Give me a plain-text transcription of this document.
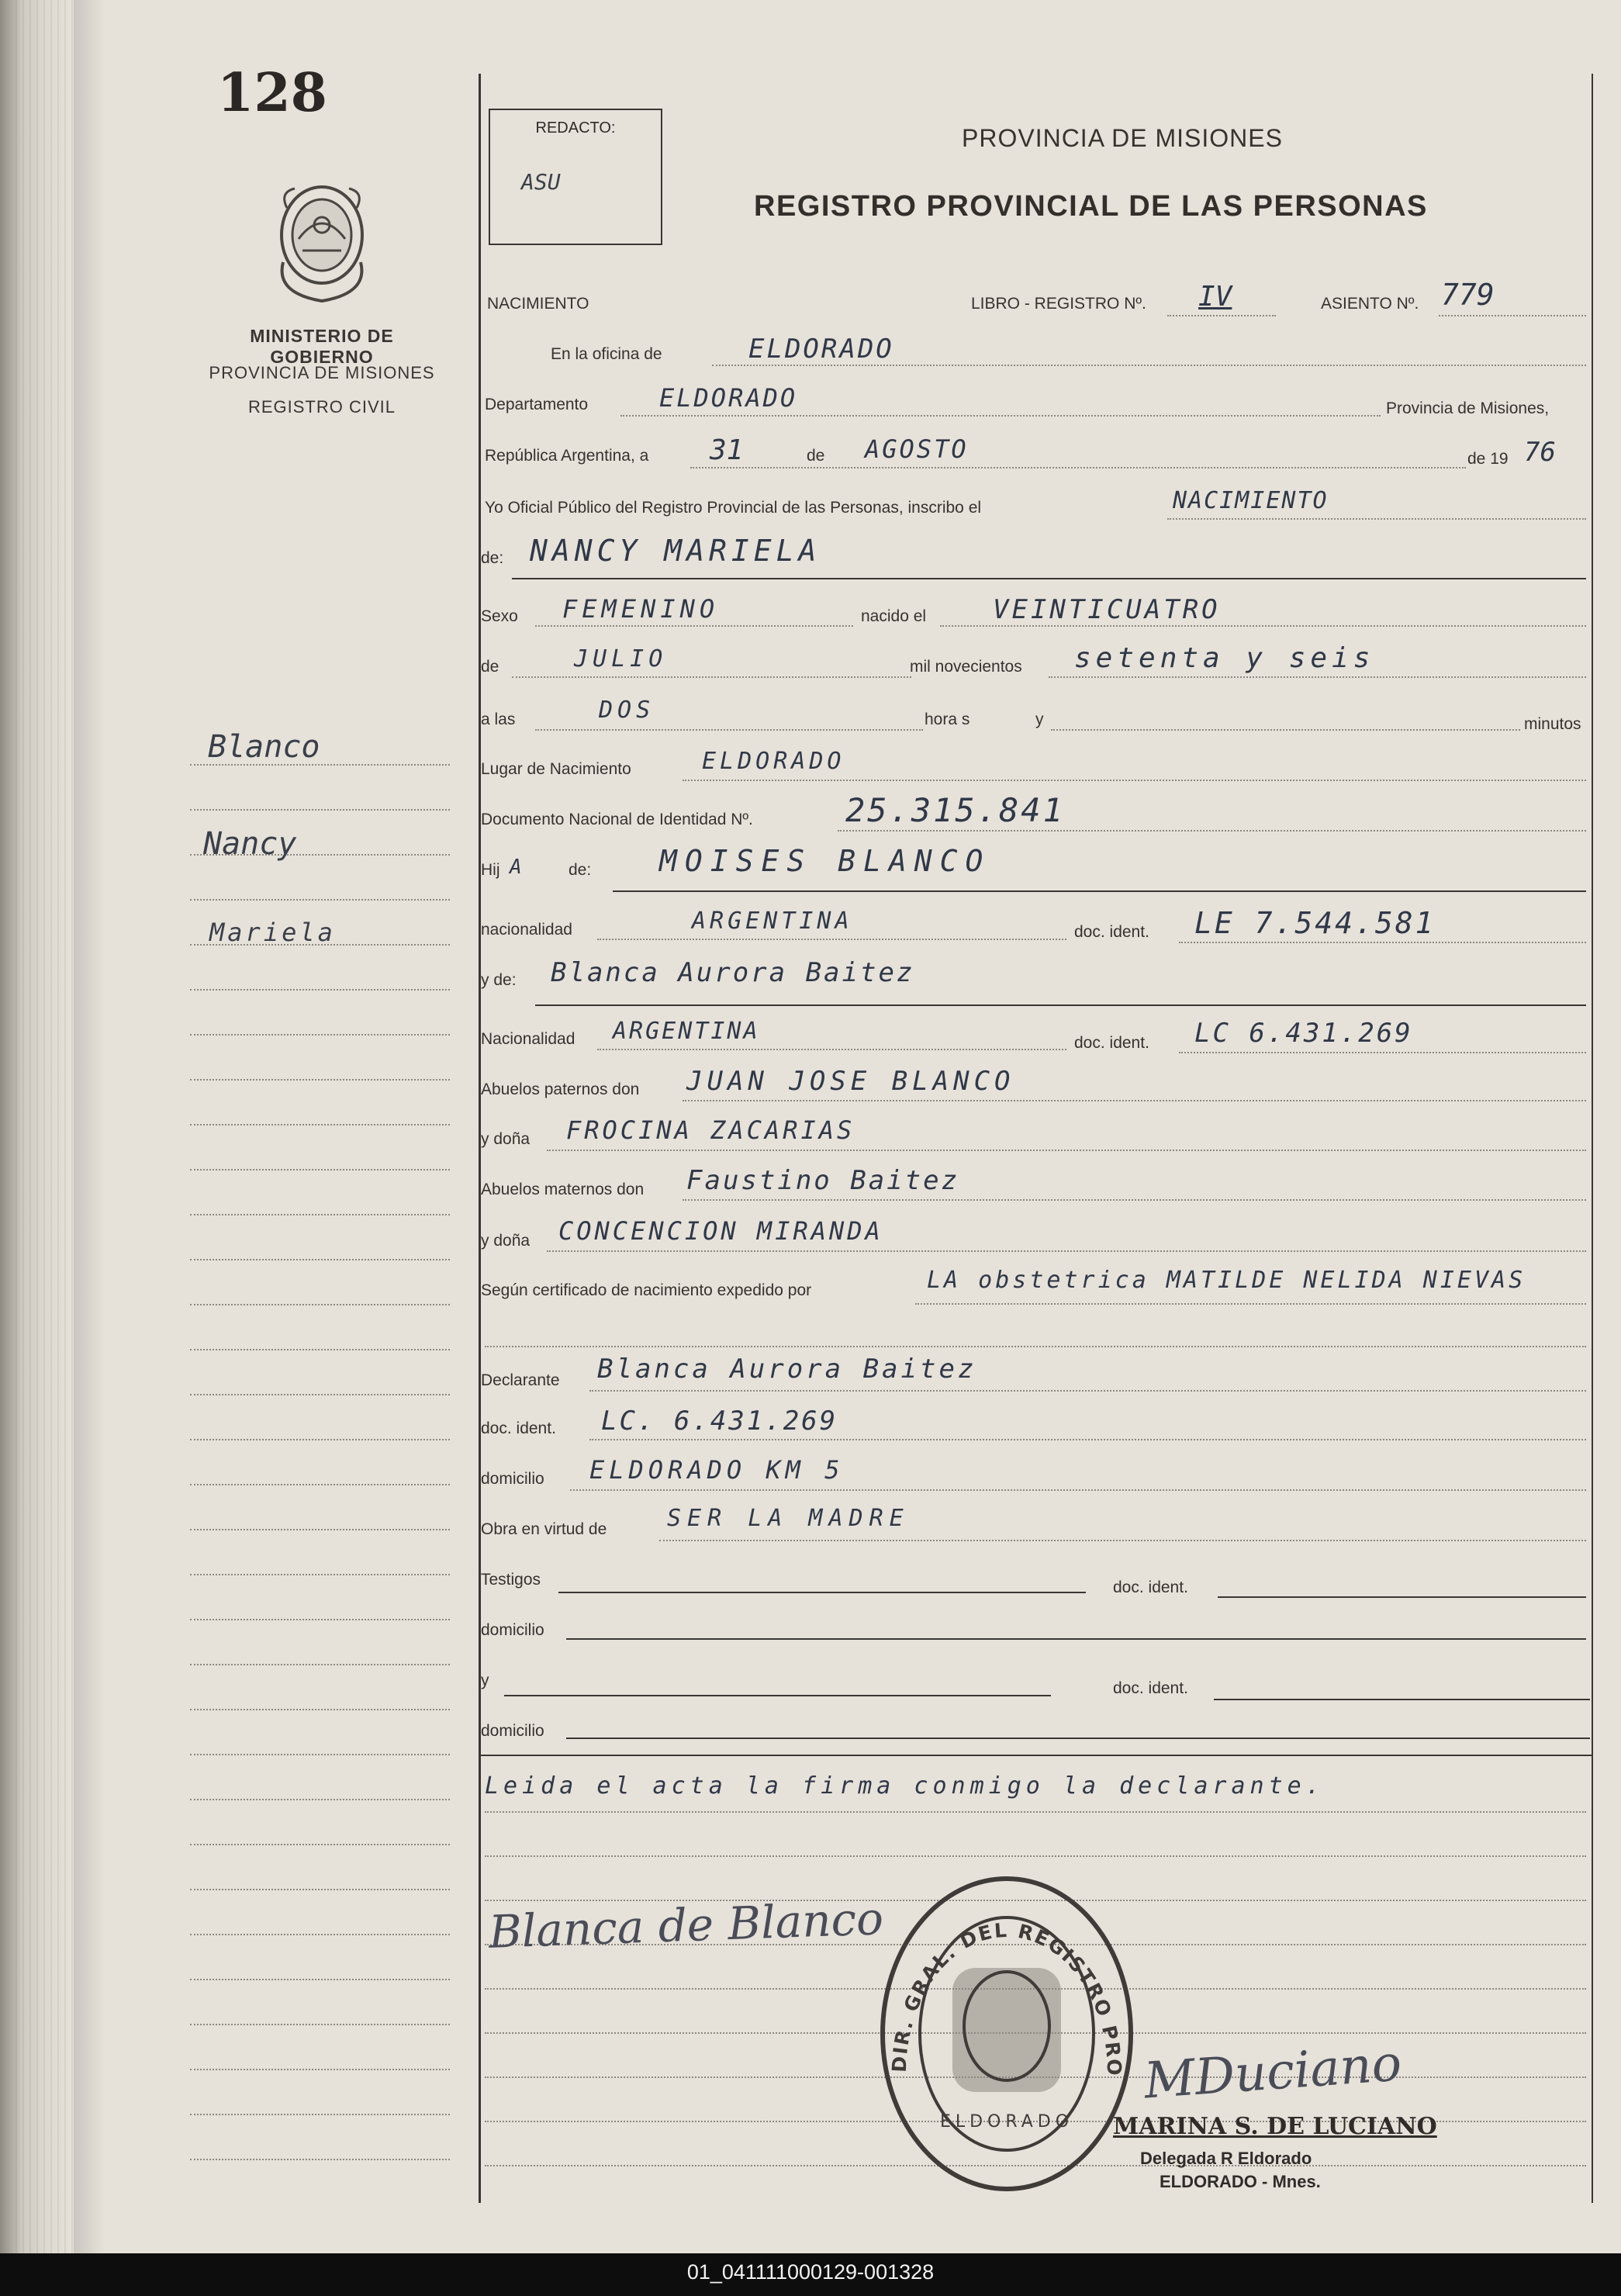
128
MINISTERIO DE GOBIERNO
PROVINCIA DE MISIONES
REGISTRO CIVIL
Blanco
Nancy
Mariela
REDACTO:
ASU
PROVINCIA DE MISIONES
REGISTRO PROVINCIAL DE LAS PERSONAS
NACIMIENTO	LIBRO - REGISTRO Nº. IV	ASIENTO Nº. 779
En la oficina de	ELDORADO
Departamento	ELDORADO	Provincia de Misiones,
República Argentina, a 31	de AGOSTO	de 19 76
Yo Oficial Público del Registro Provincial de las Personas, inscribo el	NACIMIENTO
de: NANCY MARIELA
Sexo FEMENINO	nacido el	VEINTICUATRO
de	JULIO	mil novecientos setenta y seis
a las	DOS	hora s	y	minutos
Lugar de Nacimiento	ELDORADO
Documento Nacional de Identidad Nº.	25.315.841
Hij A	de: MOISES BLANCO
nacionalidad	ARGENTINA	doc. ident. LE 7.544.581
y de: Blanca Aurora Baitez
Nacionalidad ARGENTINA	doc. ident. LC 6.431.269
Abuelos paternos don JUAN JOSE BLANCO
y doña FROCINA ZACARIAS
Abuelos maternos don Faustino Baitez
y doña CONCENCION MIRANDA
Según certificado de nacimiento expedido por	LA obstetrica MATILDE NELIDA NIEVAS
Declarante Blanca Aurora Baitez
doc. ident. LC. 6.431.269
domicilio ELDORADO KM 5
Obra en virtud de	SER LA MADRE
Testigos	doc. ident.
domicilio
y	doc. ident.
domicilio
Leida el acta la firma conmigo la declarante.
Blanca de Blanco
DIR. GRAL. DEL REGISTRO PRO
ELDORADO
MDuciano
MARINA S. DE LUCIANO
Delegada R Eldorado
ELDORADO - Mnes.
01_041111000129-001328
